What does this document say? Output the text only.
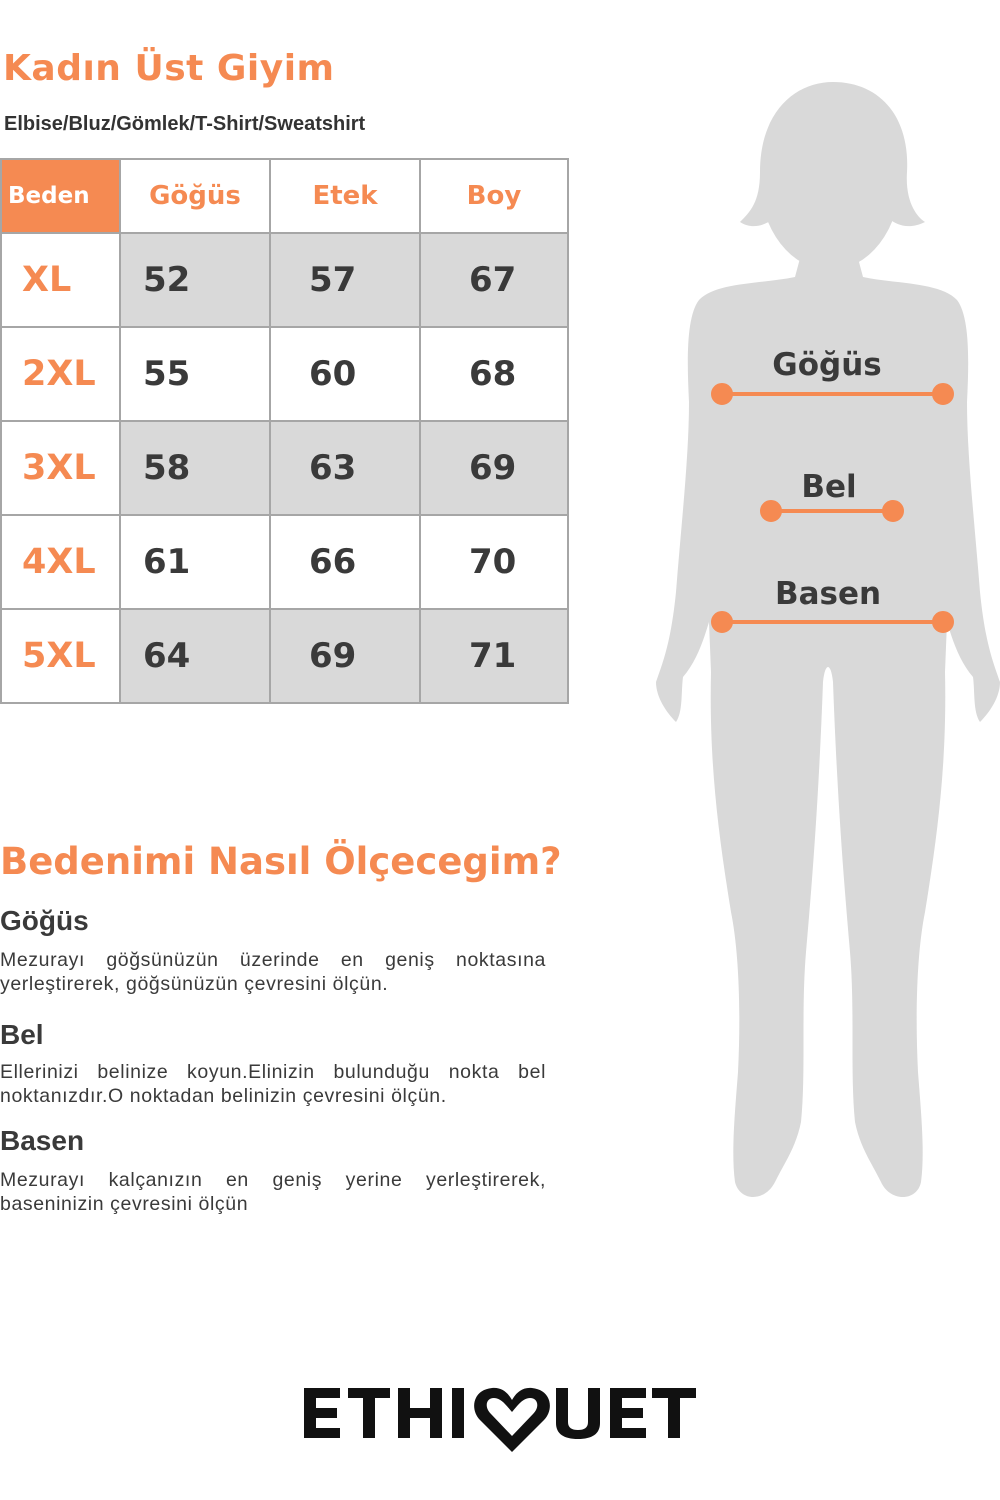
Kadın Üst Giyim
Elbise/Bluz/Gömlek/T-Shirt/Sweatshirt
Beden	Göğüs	Etek	Boy
XL	52	57	67
2XL	55	60	68
3XL	58	63	69
4XL	61	66	70
5XL	64	69	71
Göğüs
Bel
Basen
Bedenimi Nasıl Ölçecegim?
Göğüs

Mezurayı göğsünüzün üzerinde en geniş noktasına yerleştirerek, göğsünüzün çevresini ölçün.

Bel

Ellerinizi belinize koyun.Elinizin bulunduğu nokta bel noktanızdır.O noktadan belinizin çevresini ölçün.

Basen

Mezurayı kalçanızın en geniş yerine yerleştirerek, baseninizin çevresini ölçün
